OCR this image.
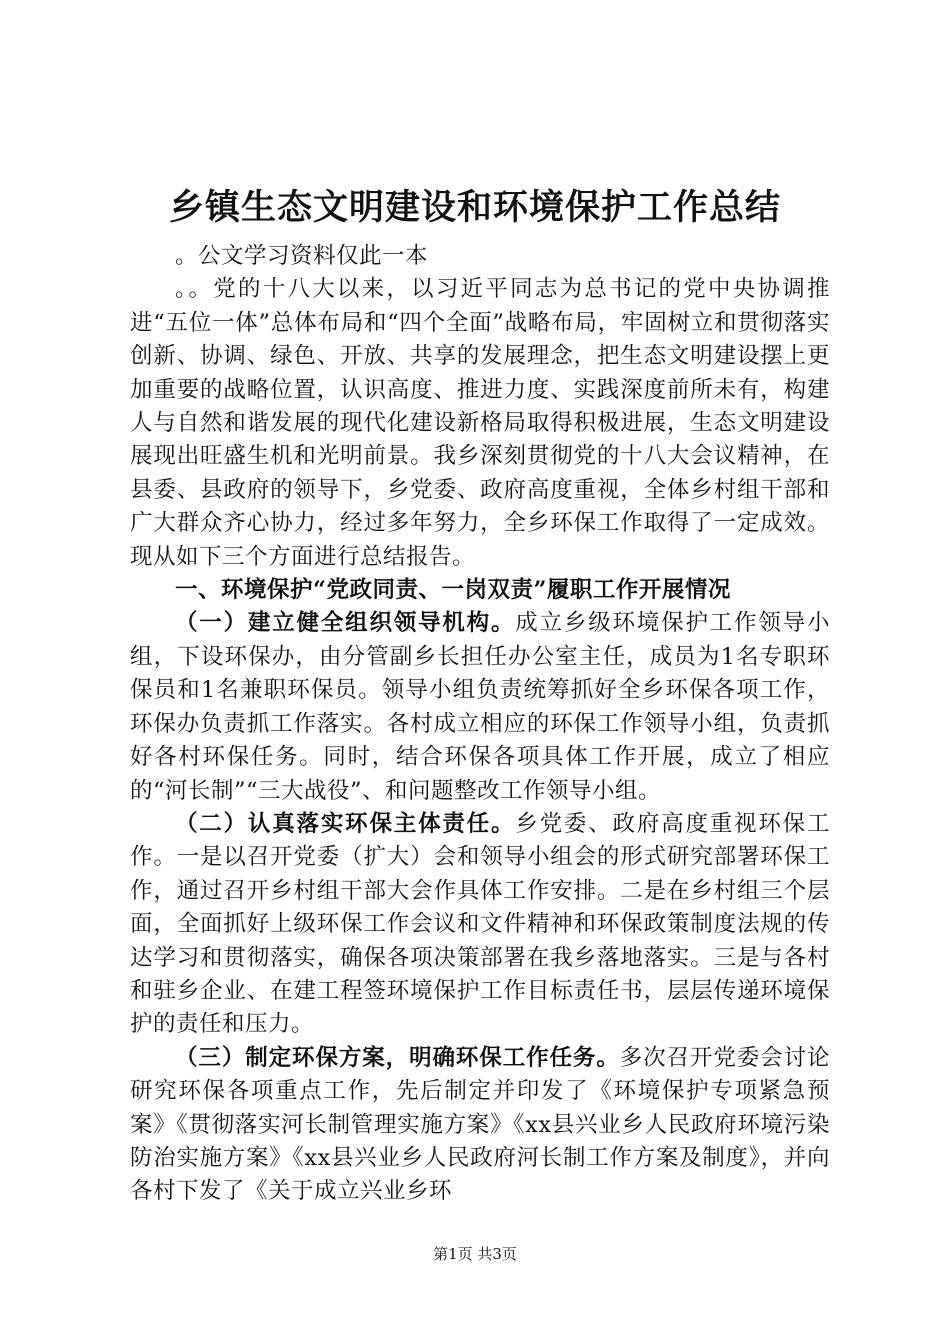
乡镇生态文明建设和环境保护工作总结

。公文学习资料仅此一本

。。党的十八大以来，以习近平同志为总书记的党中央协调推进“五位一体”总体布局和“四个全面”战略布局，牢固树立和贯彻落实创新、协调、绿色、开放、共享的发展理念，把生态文明建设摆上更加重要的战略位置，认识高度、推进力度、实践深度前所未有，构建人与自然和谐发展的现代化建设新格局取得积极进展，生态文明建设展现出旺盛生机和光明前景。我乡深刻贯彻党的十八大会议精神，在县委、县政府的领导下，乡党委、政府高度重视，全体乡村组干部和广大群众齐心协力，经过多年努力，全乡环保工作取得了一定成效。现从如下三个方面进行总结报告。

一、环境保护“党政同责、一岗双责”履职工作开展情况

（一）建立健全组织领导机构。成立乡级环境保护工作领导小组，下设环保办，由分管副乡长担任办公室主任，成员为1名专职环保员和1名兼职环保员。领导小组负责统筹抓好全乡环保各项工作，环保办负责抓工作落实。各村成立相应的环保工作领导小组，负责抓好各村环保任务。同时，结合环保各项具体工作开展，成立了相应的“河长制”“三大战役”、和问题整改工作领导小组。

（二）认真落实环保主体责任。乡党委、政府高度重视环保工作。一是以召开党委（扩大）会和领导小组会的形式研究部署环保工作，通过召开乡村组干部大会作具体工作安排。二是在乡村组三个层面，全面抓好上级环保工作会议和文件精神和环保政策制度法规的传达学习和贯彻落实，确保各项决策部署在我乡落地落实。三是与各村和驻乡企业、在建工程签环境保护工作目标责任书，层层传递环境保护的责任和压力。

（三）制定环保方案，明确环保工作任务。多次召开党委会讨论研究环保各项重点工作，先后制定并印发了《环境保护专项紧急预案》《贯彻落实河长制管理实施方案》《xx县兴业乡人民政府环境污染防治实施方案》《xx县兴业乡人民政府河长制工作方案及制度》，并向各村下发了《关于成立兴业乡环

第1页 共3页
